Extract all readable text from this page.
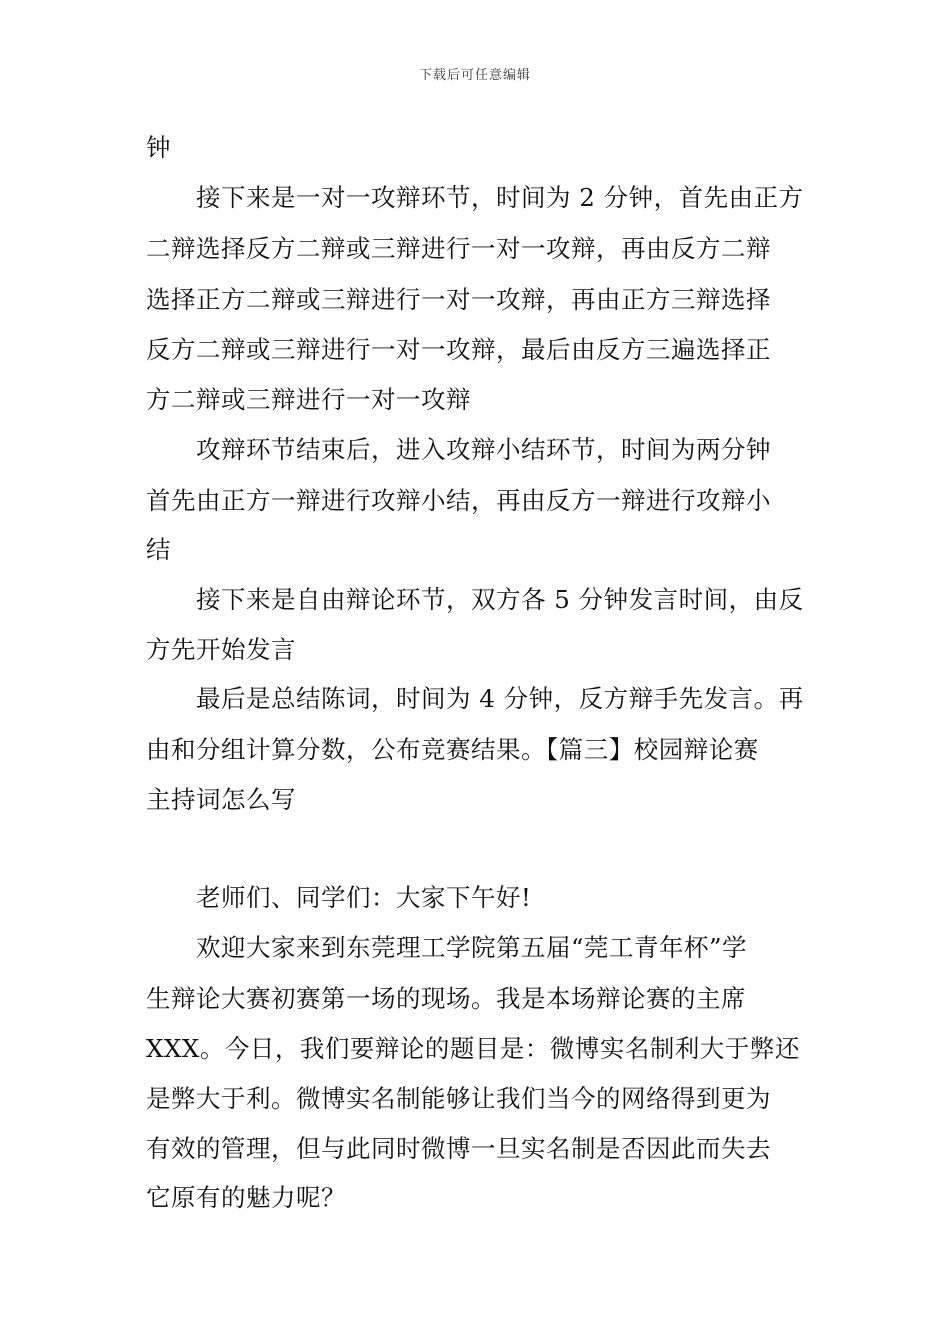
下载后可任意编辑
钟
接下来是一对一攻辩环节，时间为 2 分钟，首先由正方
二辩选择反方二辩或三辩进行一对一攻辩，再由反方二辩
选择正方二辩或三辩进行一对一攻辩，再由正方三辩选择
反方二辩或三辩进行一对一攻辩，最后由反方三遍选择正
方二辩或三辩进行一对一攻辩
攻辩环节结束后，进入攻辩小结环节，时间为两分钟
首先由正方一辩进行攻辩小结，再由反方一辩进行攻辩小
结
接下来是自由辩论环节，双方各 5 分钟发言时间，由反
方先开始发言
最后是总结陈词，时间为 4 分钟，反方辩手先发言。再
由和分组计算分数，公布竞赛结果。【篇三】校园辩论赛
主持词怎么写
老师们、同学们：大家下午好!
欢迎大家来到东莞理工学院第五届“莞工青年杯”学
生辩论大赛初赛第一场的现场。我是本场辩论赛的主席
XXX。今日，我们要辩论的题目是：微博实名制利大于弊还
是弊大于利。微博实名制能够让我们当今的网络得到更为
有效的管理，但与此同时微博一旦实名制是否因此而失去
它原有的魅力呢？
